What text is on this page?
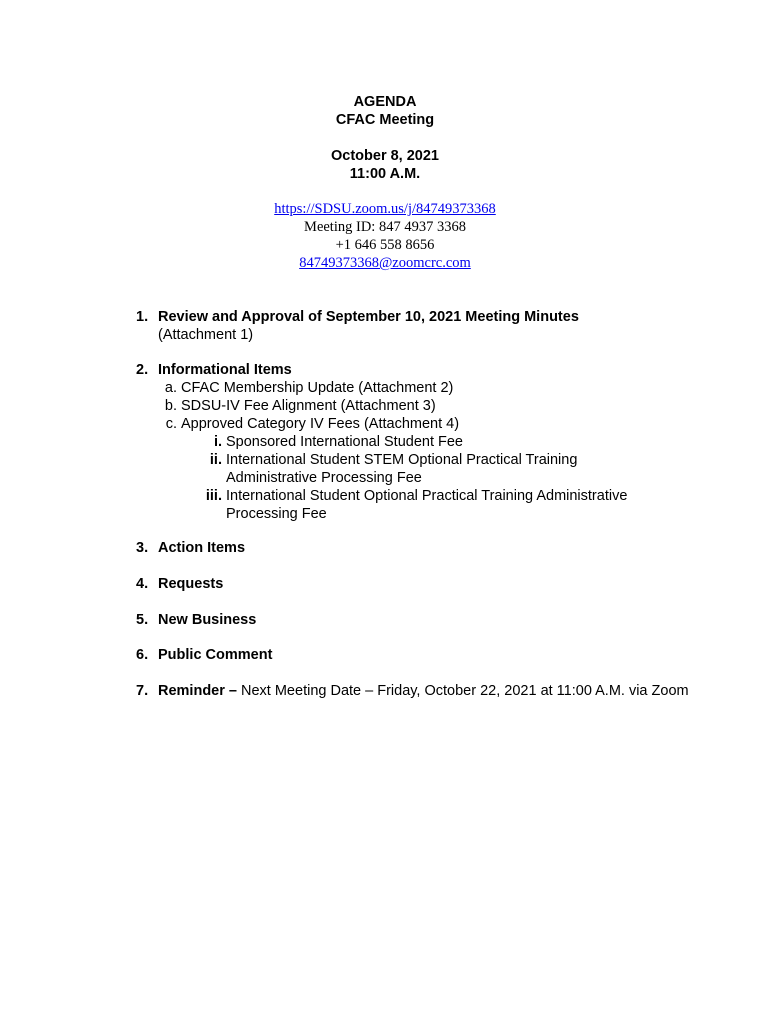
AGENDA
CFAC Meeting
October 8, 2021
11:00 A.M.
https://SDSU.zoom.us/j/84749373368
Meeting ID: 847 4937 3368
+1 646 558 8656
84749373368@zoomcrc.com
1. Review and Approval of September 10, 2021 Meeting Minutes
(Attachment 1)
2. Informational Items
a. CFAC Membership Update (Attachment 2)
b. SDSU-IV Fee Alignment (Attachment 3)
c. Approved Category IV Fees (Attachment 4)
i. Sponsored International Student Fee
ii. International Student STEM Optional Practical Training Administrative Processing Fee
iii. International Student Optional Practical Training Administrative Processing Fee
3. Action Items
4. Requests
5. New Business
6. Public Comment
7. Reminder – Next Meeting Date – Friday, October 22, 2021 at 11:00 A.M. via Zoom
